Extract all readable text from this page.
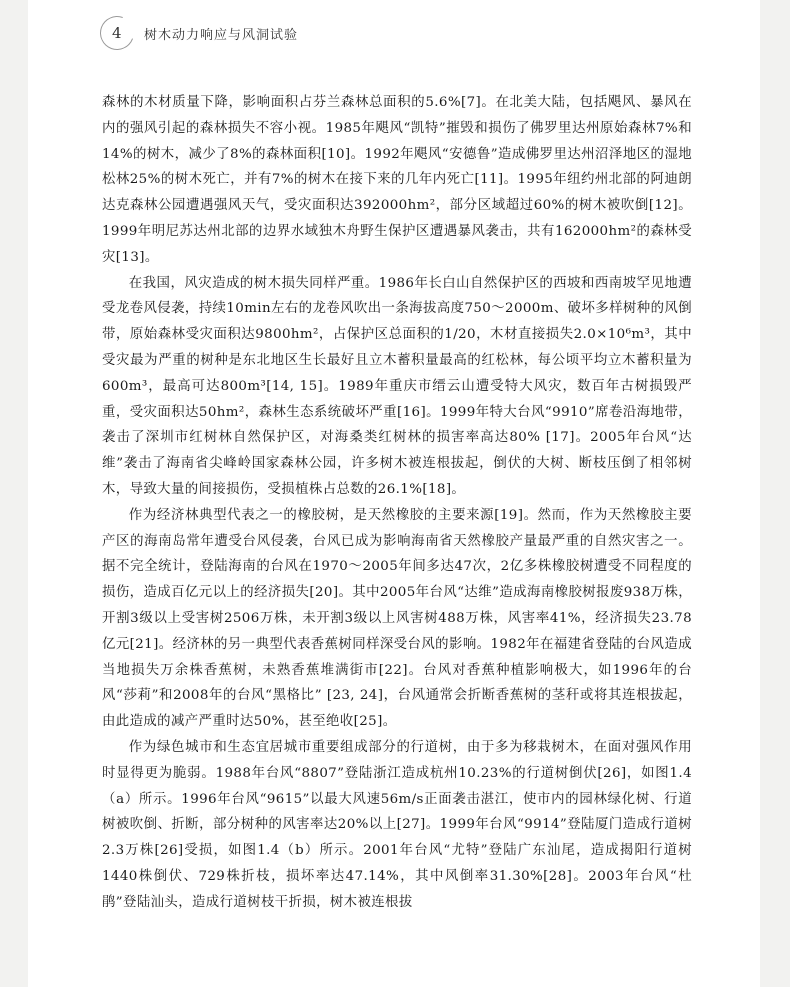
4 树木动力响应与风洞试验

森林的木材质量下降，影响面积占芬兰森林总面积的5.6%[7]。在北美大陆，包括飓风、暴风在内的强风引起的森林损失不容小视。1985年飓风“凯特”摧毁和损伤了佛罗里达州原始森林7%和14%的树木，减少了8%的森林面积[10]。1992年飓风“安德鲁”造成佛罗里达州沼泽地区的湿地松林25%的树木死亡，并有7%的树木在接下来的几年内死亡[11]。1995年纽约州北部的阿迪朗达克森林公园遭遇强风天气，受灾面积达392000hm²，部分区域超过60%的树木被吹倒[12]。1999年明尼苏达州北部的边界水域独木舟野生保护区遭遇暴风袭击，共有162000hm²的森林受灾[13]。

在我国，风灾造成的树木损失同样严重。1986年长白山自然保护区的西坡和西南坡罕见地遭受龙卷风侵袭，持续10min左右的龙卷风吹出一条海拔高度750～2000m、破坏多样树种的风倒带，原始森林受灾面积达9800hm²，占保护区总面积的1/20，木材直接损失2.0×10⁶m³，其中受灾最为严重的树种是东北地区生长最好且立木蓄积量最高的红松林，每公顷平均立木蓄积量为600m³，最高可达800m³[14, 15]。1989年重庆市缙云山遭受特大风灾，数百年古树损毁严重，受灾面积达50hm²，森林生态系统破坏严重[16]。1999年特大台风“9910”席卷沿海地带，袭击了深圳市红树林自然保护区，对海桑类红树林的损害率高达80% [17]。2005年台风“达维”袭击了海南省尖峰岭国家森林公园，许多树木被连根拔起，倒伏的大树、断枝压倒了相邻树木，导致大量的间接损伤，受损植株占总数的26.1%[18]。

作为经济林典型代表之一的橡胶树，是天然橡胶的主要来源[19]。然而，作为天然橡胶主要产区的海南岛常年遭受台风侵袭，台风已成为影响海南省天然橡胶产量最严重的自然灾害之一。据不完全统计，登陆海南的台风在1970～2005年间多达47次，2亿多株橡胶树遭受不同程度的损伤，造成百亿元以上的经济损失[20]。其中2005年台风“达维”造成海南橡胶树报废938万株，开割3级以上受害树2506万株，未开割3级以上风害树488万株，风害率41%，经济损失23.78亿元[21]。经济林的另一典型代表香蕉树同样深受台风的影响。1982年在福建省登陆的台风造成当地损失万余株香蕉树，未熟香蕉堆满街市[22]。台风对香蕉种植影响极大，如1996年的台风“莎莉”和2008年的台风“黑格比” [23, 24]，台风通常会折断香蕉树的茎秆或将其连根拔起，由此造成的减产严重时达50%，甚至绝收[25]。

作为绿色城市和生态宜居城市重要组成部分的行道树，由于多为移栽树木，在面对强风作用时显得更为脆弱。1988年台风“8807”登陆浙江造成杭州10.23%的行道树倒伏[26]，如图1.4（a）所示。1996年台风“9615”以最大风速56m/s正面袭击湛江，使市内的园林绿化树、行道树被吹倒、折断，部分树种的风害率达20%以上[27]。1999年台风“9914”登陆厦门造成行道树2.3万株[26]受损，如图1.4（b）所示。2001年台风“尤特”登陆广东汕尾，造成揭阳行道树1440株倒伏、729株折枝，损坏率达47.14%，其中风倒率31.30%[28]。2003年台风“杜鹃”登陆汕头，造成行道树枝干折损，树木被连根拔
